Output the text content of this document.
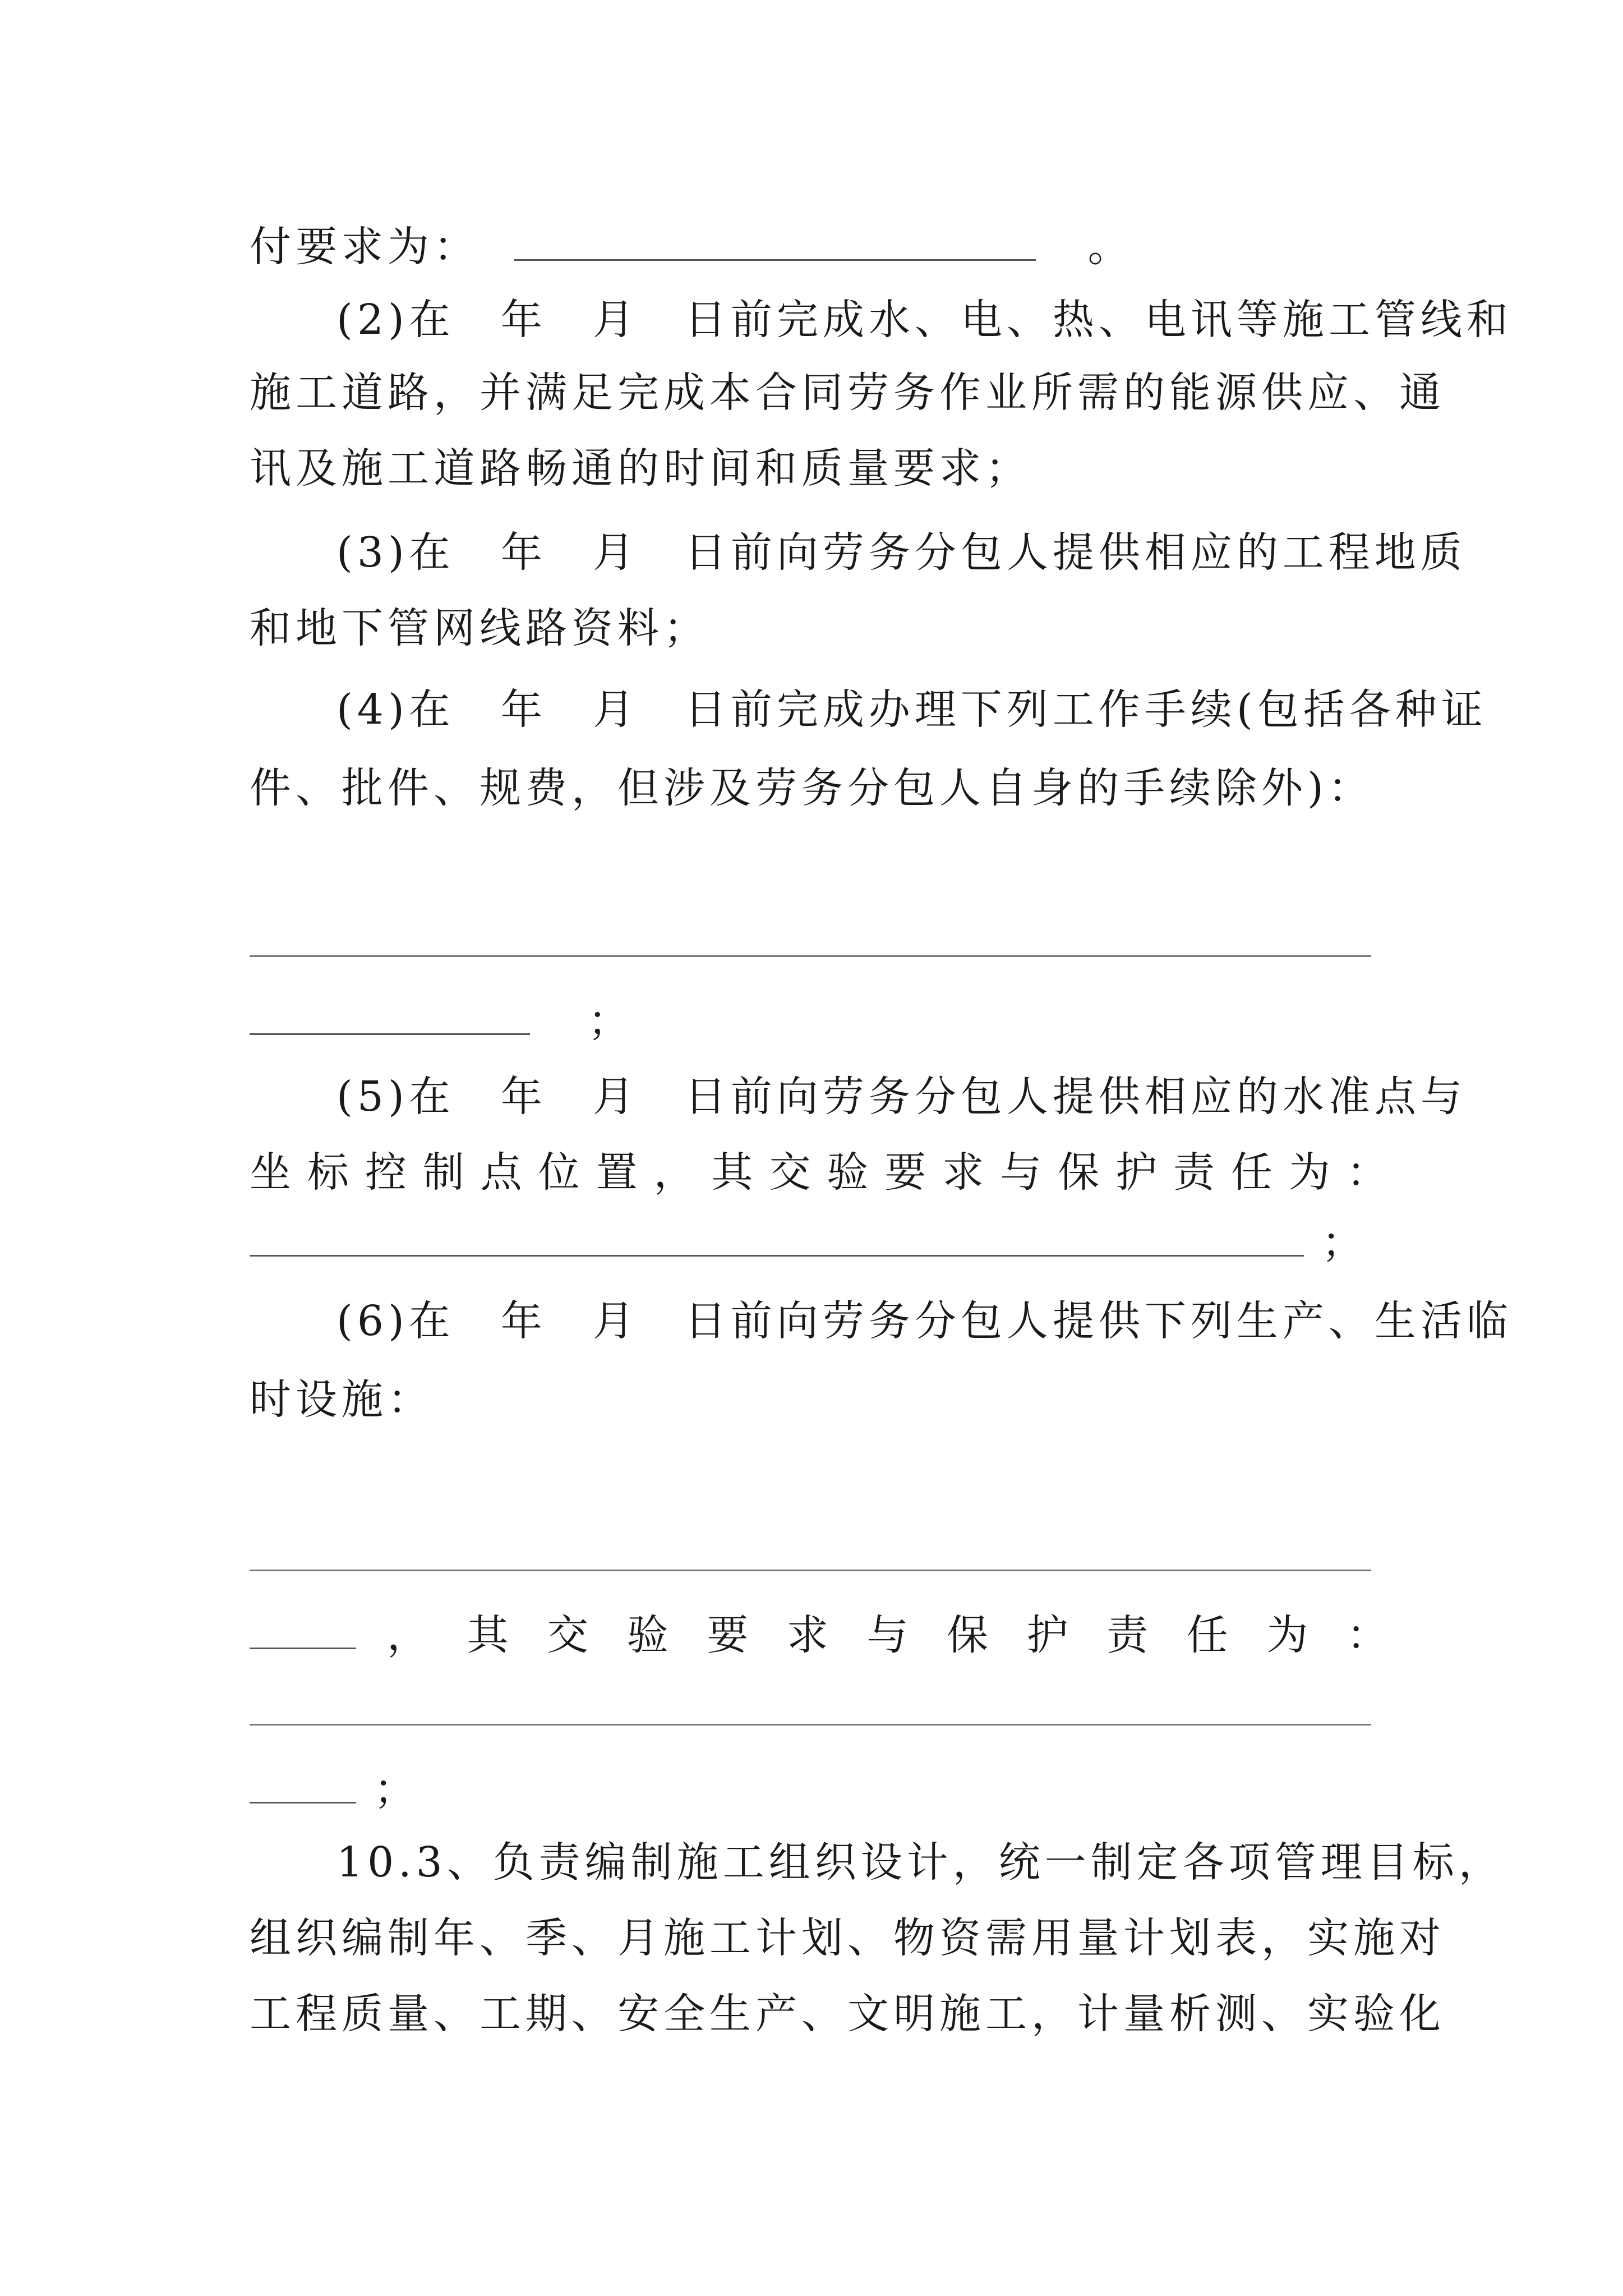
付要求为：	。
(2)在　年　月　日前完成水、电、热、电讯等施工管线和
施工道路，并满足完成本合同劳务作业所需的能源供应、通
讯及施工道路畅通的时间和质量要求；
(3)在　年　月　日前向劳务分包人提供相应的工程地质
和地下管网线路资料；
(4)在　年　月　日前完成办理下列工作手续(包括各种证
件、批件、规费，但涉及劳务分包人自身的手续除外)：
；
(5)在　年　月　日前向劳务分包人提供相应的水准点与
坐 标 控 制 点 位 置 ， 其 交 验 要 求 与 保 护 责 任 为 ：
；
(6)在　年　月　日前向劳务分包人提供下列生产、生活临
时设施：
， 其 交 验 要 求 与 保 护 责 任 为 ：
；
10.3、负责编制施工组织设计，统一制定各项管理目标，
组织编制年、季、月施工计划、物资需用量计划表，实施对
工程质量、工期、安全生产、文明施工，计量析测、实验化
